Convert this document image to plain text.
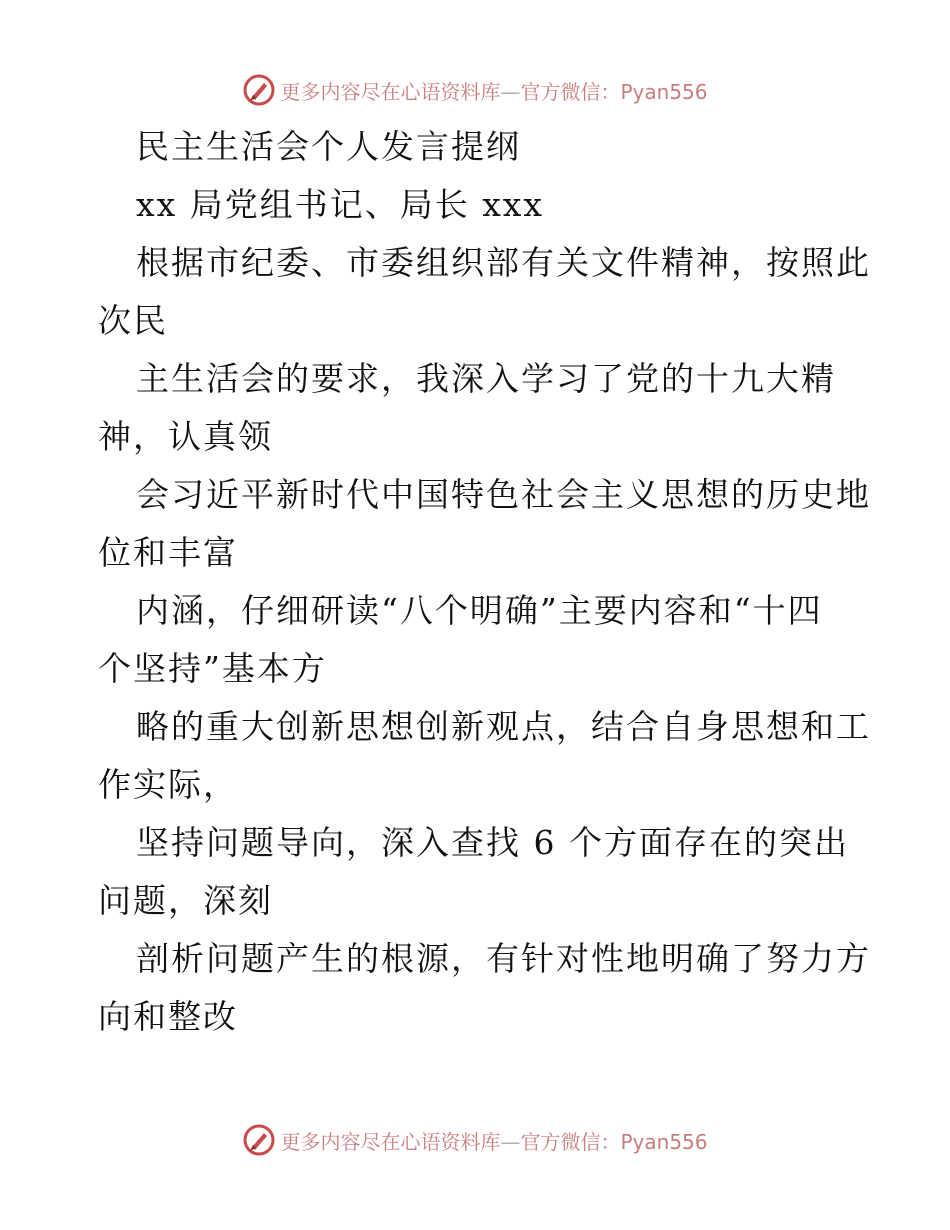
更多内容尽在心语资料库—官方微信：Pyan556
民主生活会个人发言提纲
xx 局党组书记、局长 xxx
根据市纪委、市委组织部有关文件精神，按照此
次民
主生活会的要求，我深入学习了党的十九大精
神，认真领
会习近平新时代中国特色社会主义思想的历史地
位和丰富
内涵，仔细研读“八个明确”主要内容和“十四
个坚持”基本方
略的重大创新思想创新观点，结合自身思想和工
作实际，
坚持问题导向，深入查找 6 个方面存在的突出
问题，深刻
剖析问题产生的根源，有针对性地明确了努力方
向和整改
更多内容尽在心语资料库—官方微信：Pyan556
